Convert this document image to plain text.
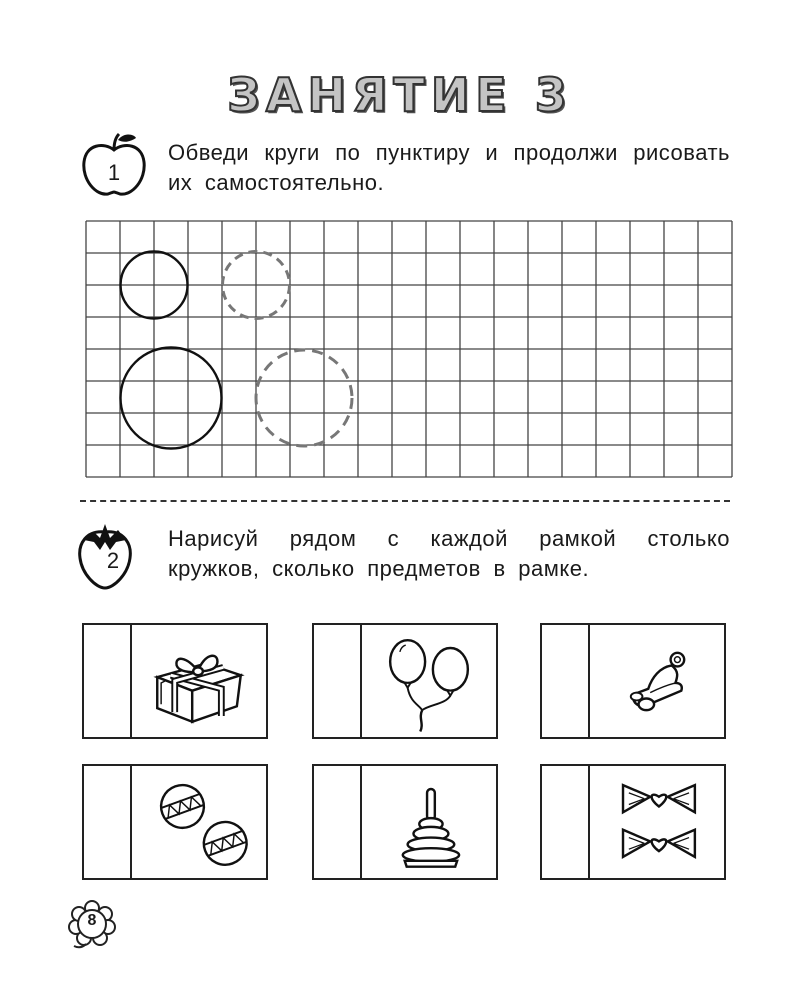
ЗАНЯТИЕ 3
1
Обведи круги по пунктиру и продолжи рисовать их самостоятельно.
2
Нарисуй рядом с каждой рамкой столько кружков, сколько предметов в рамке.
8
